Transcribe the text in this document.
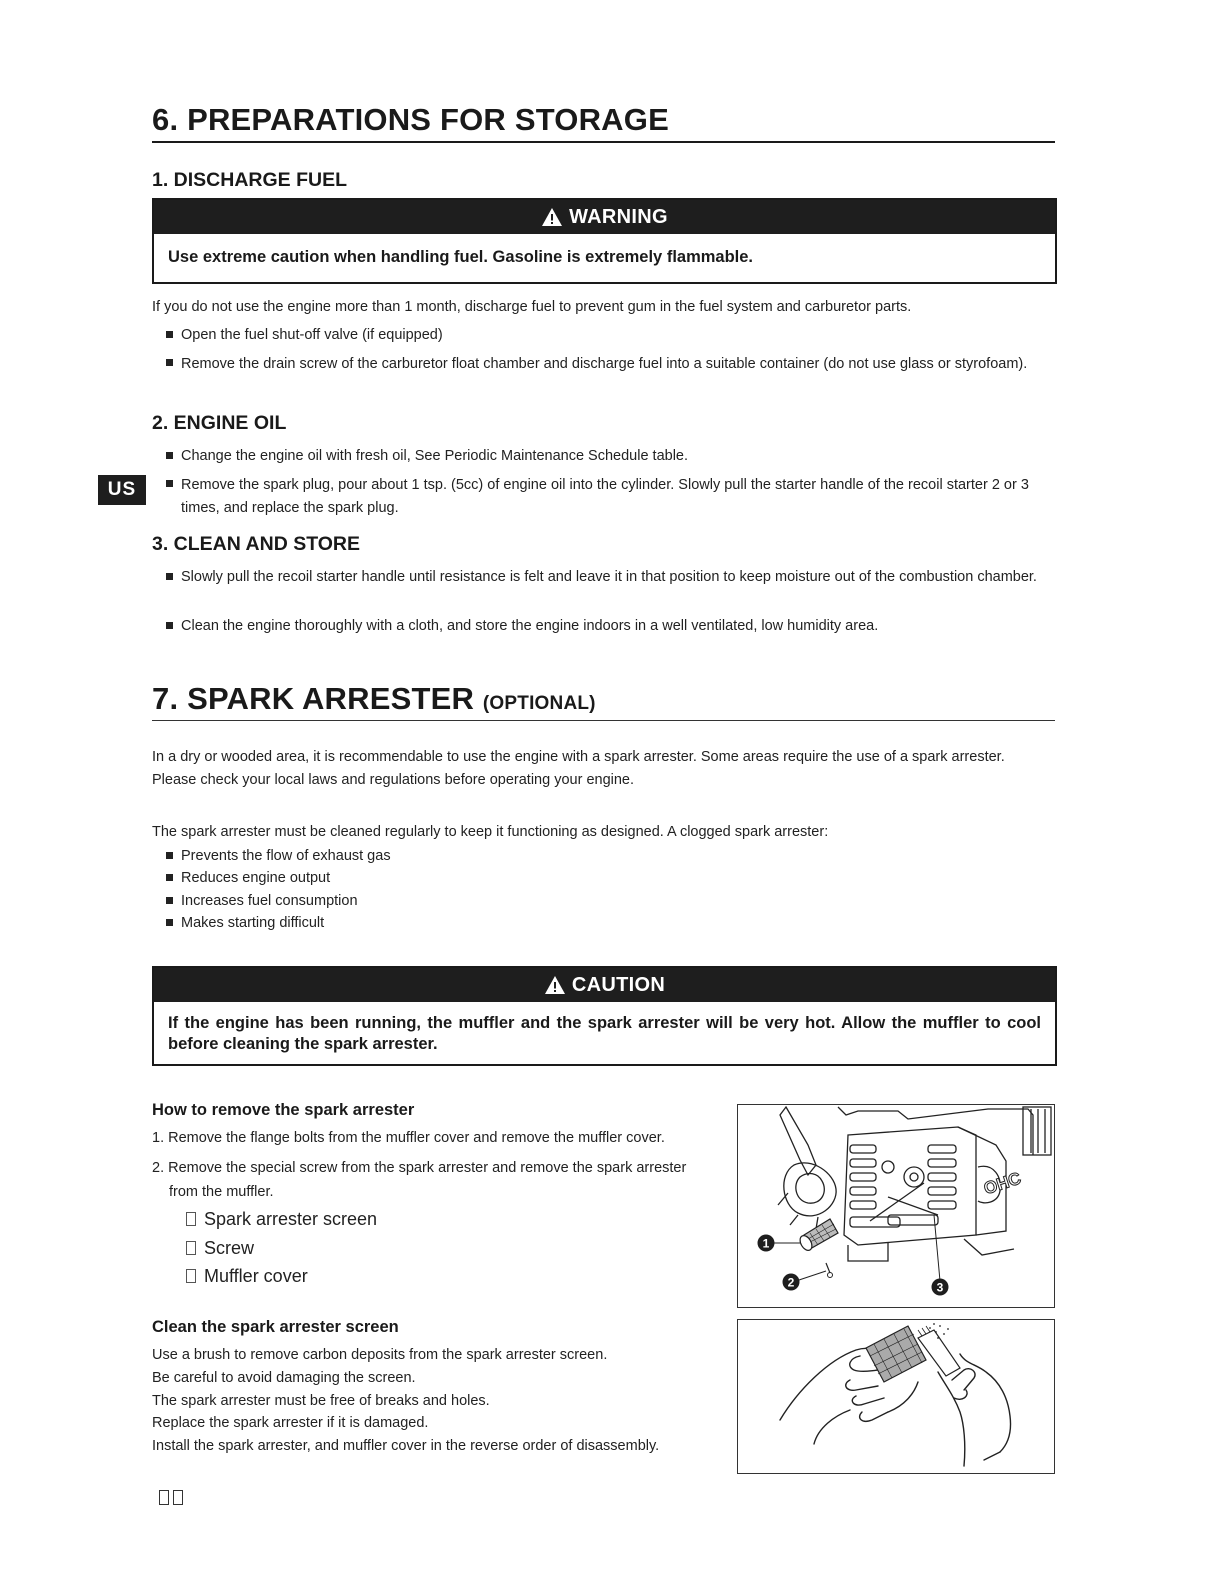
6. PREPARATIONS FOR STORAGE
1. DISCHARGE FUEL
WARNING
Use extreme caution when handling fuel. Gasoline is extremely flammable.
If you do not use the engine more than 1 month, discharge fuel to prevent gum in the fuel system and carburetor parts.
Open the fuel shut-off valve (if equipped)
Remove the drain screw of the carburetor float chamber and discharge fuel into a suitable container (do not use glass or styrofoam).
2. ENGINE OIL
Change the engine oil with fresh oil, See Periodic Maintenance Schedule table.
Remove the spark plug, pour about 1 tsp. (5cc) of engine oil into the cylinder. Slowly pull the starter handle of the recoil starter 2 or 3 times, and replace the spark plug.
US
3. CLEAN AND STORE
Slowly pull the recoil starter handle until resistance is felt and leave it in that position to keep moisture out of the combustion chamber.
Clean the engine thoroughly with a cloth, and store the engine indoors in a well ventilated, low humidity area.
7. SPARK ARRESTER (OPTIONAL)
In a dry or wooded area, it is recommendable to use the engine with a spark arrester. Some areas require the use of a spark arrester.
Please check your local laws and regulations before operating your engine.
The spark arrester must be cleaned regularly to keep it functioning as designed. A clogged spark arrester:
Prevents the flow of exhaust gas
Reduces engine output
Increases fuel consumption
Makes starting difficult
CAUTION
If the engine has been running, the muffler and the spark arrester will be very hot. Allow the muffler to cool before cleaning the spark arrester.
How to remove the spark arrester
1. Remove the flange bolts from the muffler cover and remove the muffler cover.
2. Remove the special screw from the spark arrester and remove the spark arrester
from the muffler.
Spark arrester screen
Screw
Muffler cover
OHC
1
2	3
Clean the spark arrester screen
Use a brush to remove carbon deposits from the spark arrester screen.
Be careful to avoid damaging the screen.
The spark arrester must be free of breaks and holes.
Replace the spark arrester if it is damaged.
Install the spark arrester, and muffler cover in the reverse order of disassembly.
